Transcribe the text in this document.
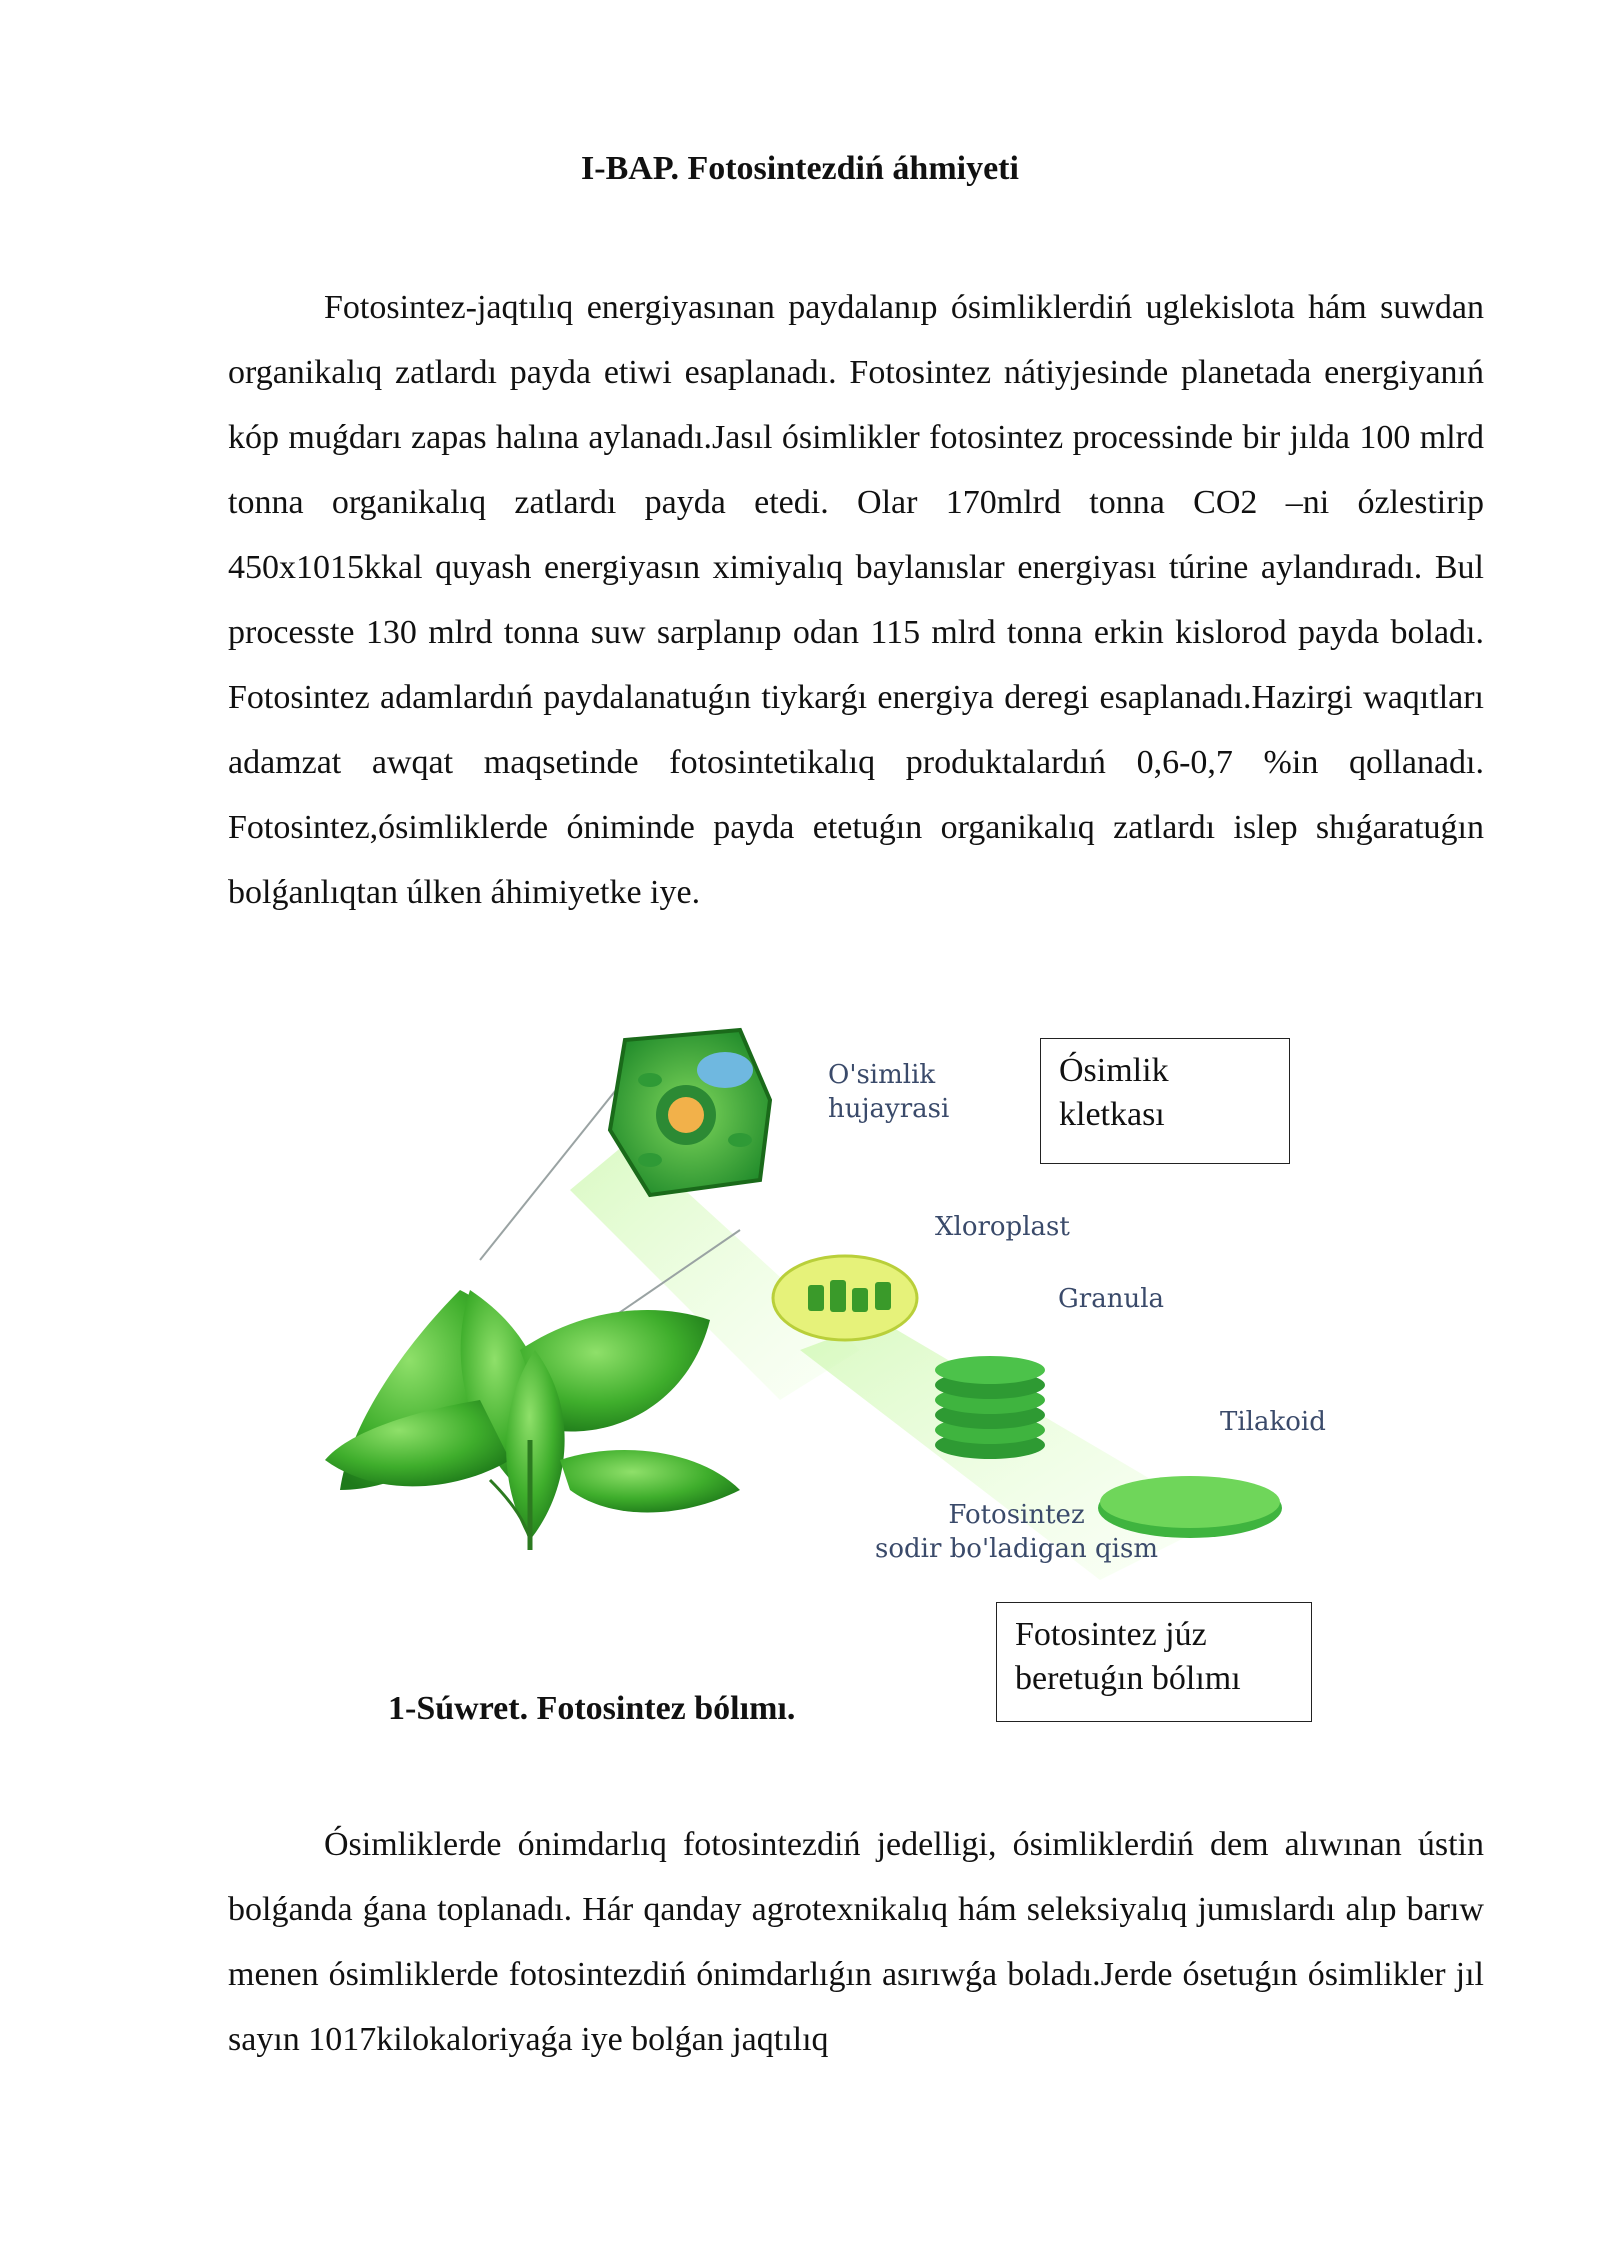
I-BAP. Fotosintezdiń áhmiyeti

Fotosintez-jaqtılıq energiyasınan paydalanıp ósimliklerdiń uglekislota hám suwdan organikalıq zatlardı payda etiwi esaplanadı. Fotosintez nátiyjesinde planetada energiyanıń kóp muǵdarı zapas halına aylanadı.Jasıl ósimlikler fotosintez processinde bir jılda 100 mlrd tonna organikalıq zatlardı payda etedi. Olar 170mlrd tonna CO2 –ni ózlestirip 450x1015kkal quyash energiyasın ximiyalıq baylanıslar energiyası túrine aylandıradı. Bul processte 130 mlrd tonna suw sarplanıp odan 115 mlrd tonna erkin kislorod payda boladı. Fotosintez adamlardıń paydalanatuǵın tiykarǵı energiya deregi esaplanadı.Hazirgi waqıtları adamzat awqat maqsetinde fotosintetikalıq produktalardıń 0,6-0,7 %in qollanadı. Fotosintez,ósimliklerde óniminde payda etetuǵın organikalıq zatlardı islep shıǵaratuǵın bolǵanlıqtan úlken áhimiyetke iye.

O'simlik
hujayrasi
Xloroplast
Granula
Tilakoid
Fotosintez
sodir bo'ladigan qism
Ósimlik kletkası
Fotosintez júz beretuǵın bólımı
1-Súwret. Fotosintez bólımı.

Ósimliklerde ónimdarlıq fotosintezdiń jedelligi, ósimliklerdiń dem alıwınan ústin bolǵanda ǵana toplanadı. Hár qanday agrotexnikalıq hám seleksiyalıq jumıslardı alıp barıw menen ósimliklerde fotosintezdiń ónimdarlıǵın asırıwǵa boladı.Jerde ósetuǵın ósimlikler jıl sayın 1017kilokaloriyaǵa iye bolǵan jaqtılıq
